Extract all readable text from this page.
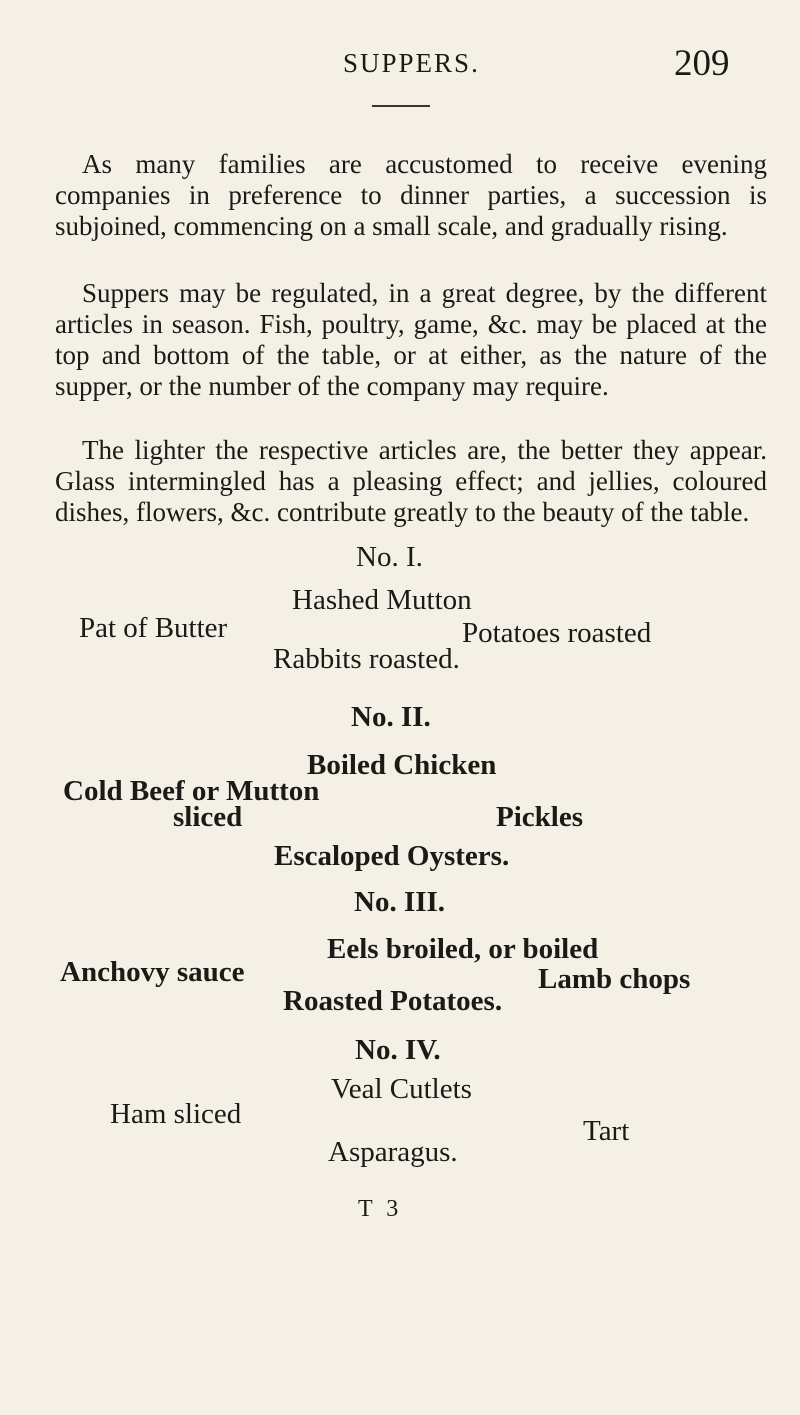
SUPPERS.	209

As many families are accustomed to receive evening companies in preference to dinner parties, a succession is subjoined, commencing on a small scale, and gradually rising.

Suppers may be regulated, in a great degree, by the different articles in season. Fish, poultry, game, &c. may be placed at the top and bottom of the table, or at either, as the nature of the supper, or the number of the company may require.

The lighter the respective articles are, the better they appear. Glass intermingled has a pleasing effect; and jellies, coloured dishes, flowers, &c. contribute greatly to the beauty of the table.

No. I.
Hashed Mutton
Pat of Butter	Potatoes roasted
Rabbits roasted.
No. II.
Boiled Chicken
Cold Beef or Mutton
sliced	Pickles
Escaloped Oysters.
No. III.
Eels broiled, or boiled
Anchovy sauce	Lamb chops
Roasted Potatoes.
No. IV.
Veal Cutlets
Ham sliced
Tart
Asparagus.
T 3
